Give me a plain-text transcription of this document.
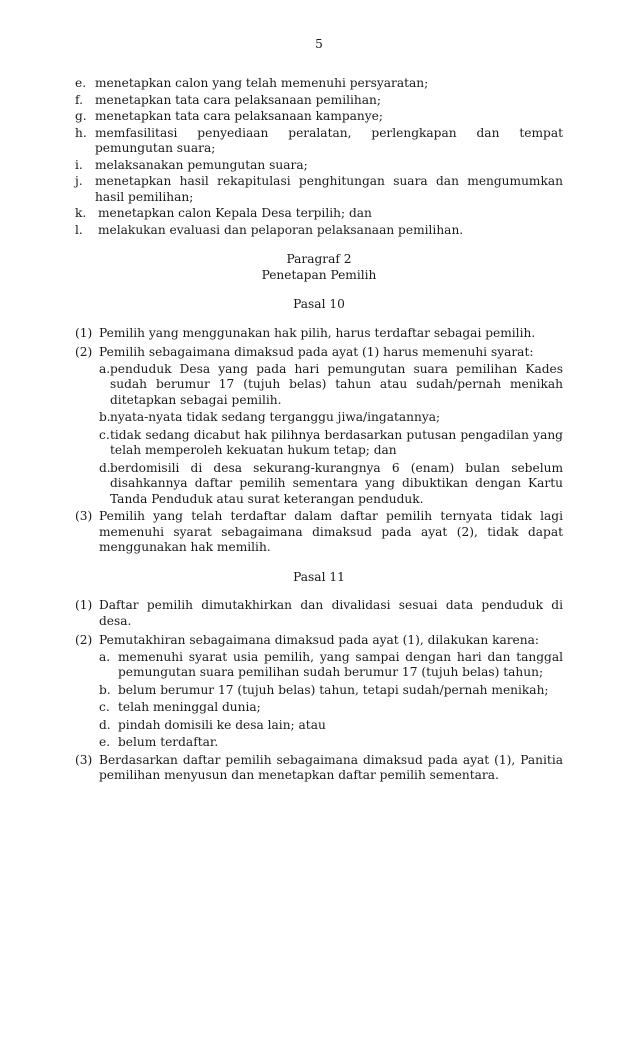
5
e. menetapkan calon yang telah memenuhi persyaratan;
f. menetapkan tata cara pelaksanaan pemilihan;
g. menetapkan tata cara pelaksanaan kampanye;
h. memfasilitasi penyediaan peralatan, perlengkapan dan tempat pemungutan suara;
i.	melaksanakan pemungutan suara;
j.	menetapkan hasil rekapitulasi penghitungan suara dan mengumumkan hasil pemilihan;
k. menetapkan calon Kepala Desa terpilih; dan
l.	melakukan evaluasi dan pelaporan pelaksanaan pemilihan.
Paragraf 2
Penetapan Pemilih
Pasal 10
(1) Pemilih yang menggunakan hak pilih, harus terdaftar sebagai pemilih.
(2) Pemilih sebagaimana dimaksud pada ayat (1) harus memenuhi syarat:
a. penduduk Desa yang pada hari pemungutan suara pemilihan Kades sudah berumur 17 (tujuh belas) tahun atau sudah/pernah menikah ditetapkan sebagai pemilih.
b. nyata-nyata tidak sedang terganggu jiwa/ingatannya;
c. tidak sedang dicabut hak pilihnya berdasarkan putusan pengadilan yang telah memperoleh kekuatan hukum tetap; dan
d. berdomisili di desa sekurang-kurangnya 6 (enam) bulan sebelum disahkannya daftar pemilih sementara yang dibuktikan dengan Kartu Tanda Penduduk atau surat keterangan penduduk.
(3) Pemilih yang telah terdaftar dalam daftar pemilih ternyata tidak lagi memenuhi syarat sebagaimana dimaksud pada ayat (2), tidak dapat menggunakan hak memilih.
Pasal 11
(1) Daftar pemilih dimutakhirkan dan divalidasi sesuai data penduduk di desa.
(2) Pemutakhiran sebagaimana dimaksud pada ayat (1), dilakukan karena:
a. memenuhi syarat usia pemilih, yang sampai dengan hari dan tanggal pemungutan suara pemilihan sudah berumur 17 (tujuh belas) tahun;
b. belum berumur 17 (tujuh belas) tahun, tetapi sudah/pernah menikah;
c. telah meninggal dunia;
d. pindah domisili ke desa lain; atau
e. belum terdaftar.
(3) Berdasarkan daftar pemilih sebagaimana dimaksud pada ayat (1), Panitia pemilihan menyusun dan menetapkan daftar pemilih sementara.
